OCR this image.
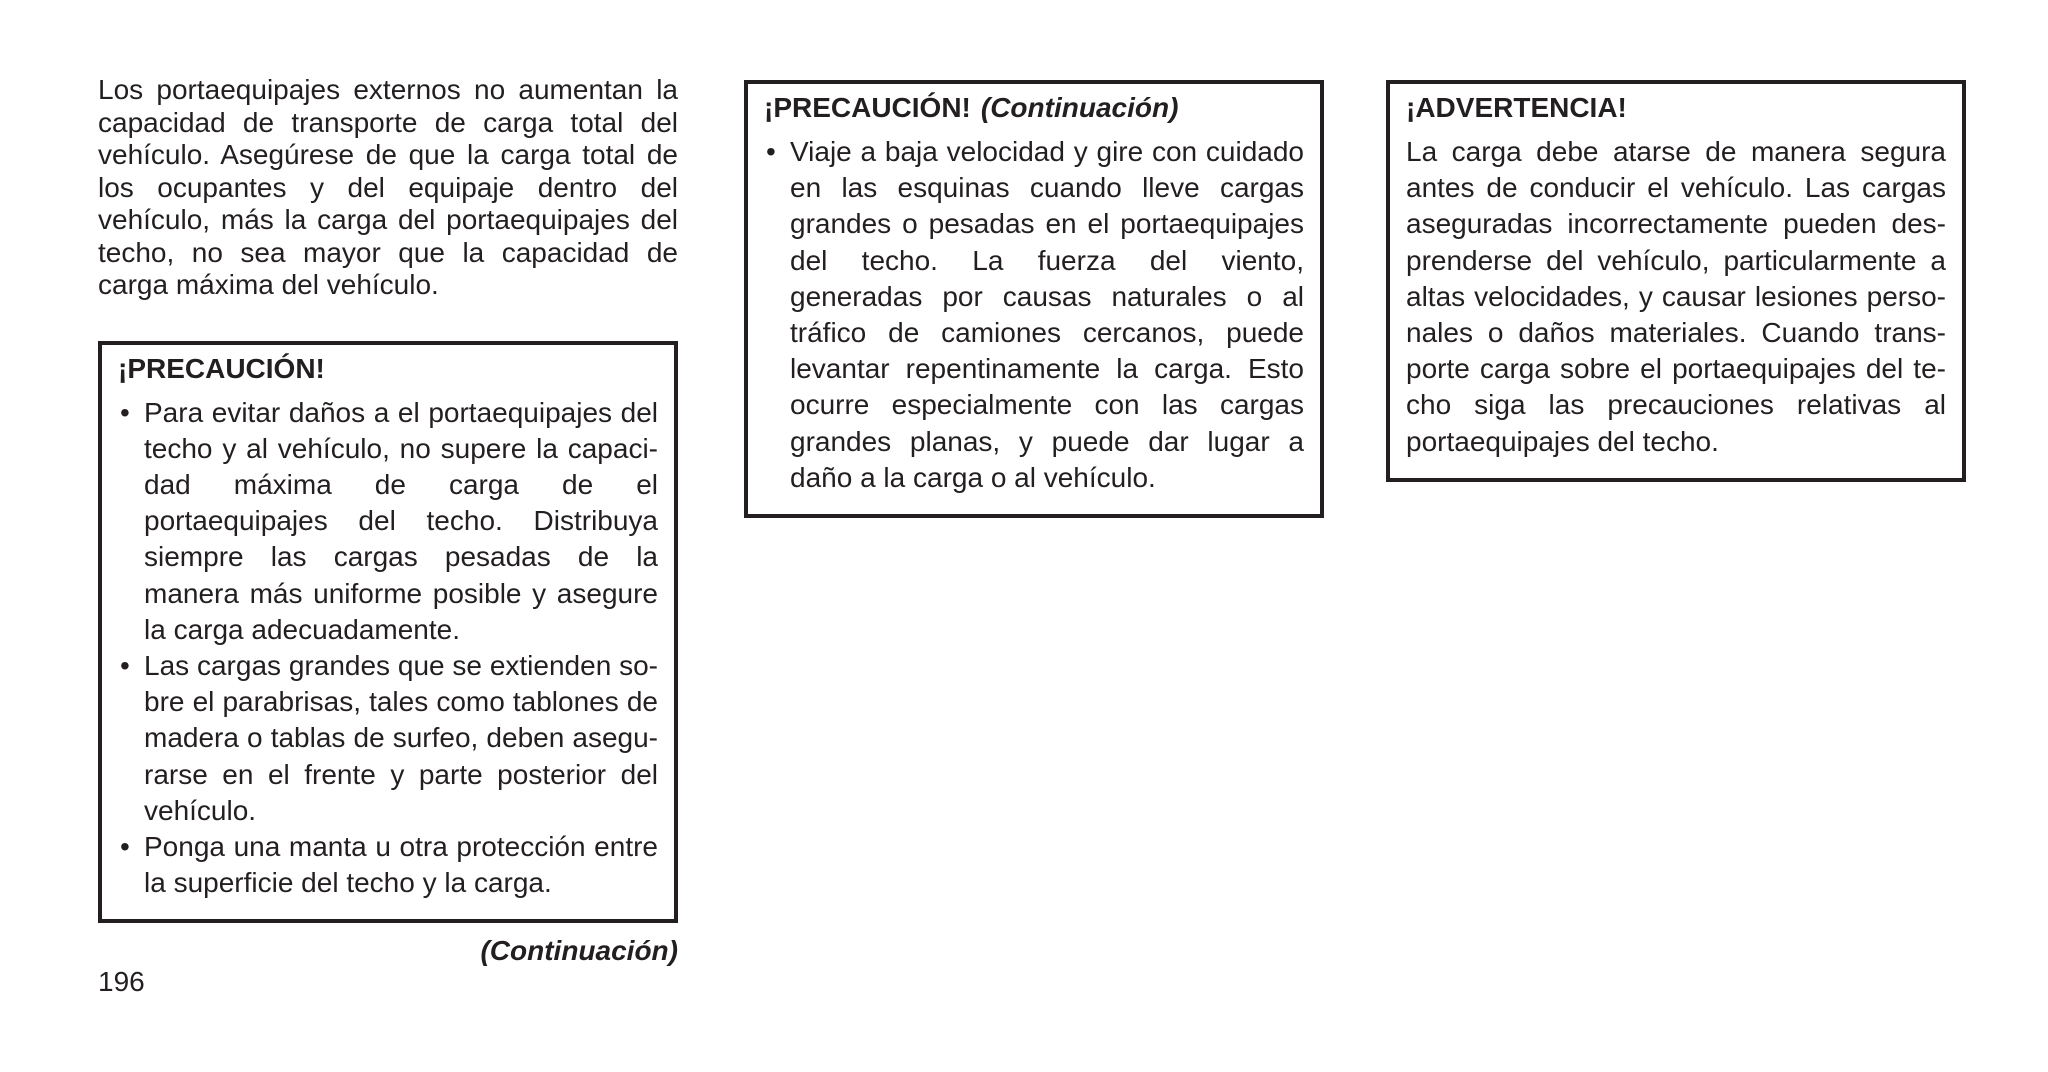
Los portaequipajes externos no aumentan la capacidad de transporte de carga total del vehículo. Asegúrese de que la carga total de los ocupantes y del equipaje dentro del vehículo, más la carga del portaequipajes del techo, no sea mayor que la capacidad de carga máxima del vehículo.

¡PRECAUCIÓN!
• Para evitar daños a el portaequipajes del techo y al vehículo, no supere la capacidad máxima de carga de el portaequipajes del techo. Distribuya siempre las cargas pesadas de la manera más uniforme posible y asegure la carga adecuadamente.
• Las cargas grandes que se extienden sobre el parabrisas, tales como tablones de madera o tablas de surfeo, deben asegurarse en el frente y parte posterior del vehículo.
• Ponga una manta u otra protección entre la superficie del techo y la carga.
(Continuación)
¡PRECAUCIÓN! (Continuación)
• Viaje a baja velocidad y gire con cuidado en las esquinas cuando lleve cargas grandes o pesadas en el portaequipajes del techo. La fuerza del viento, generadas por causas naturales o al tráfico de camiones cercanos, puede levantar repentinamente la carga. Esto ocurre especialmente con las cargas grandes planas, y puede dar lugar a daño a la carga o al vehículo.
¡ADVERTENCIA!

La carga debe atarse de manera segura antes de conducir el vehículo. Las cargas aseguradas incorrectamente pueden desprenderse del vehículo, particularmente a altas velocidades, y causar lesiones personales o daños materiales. Cuando transporte carga sobre el portaequipajes del techo siga las precauciones relativas al portaequipajes del techo.

196
